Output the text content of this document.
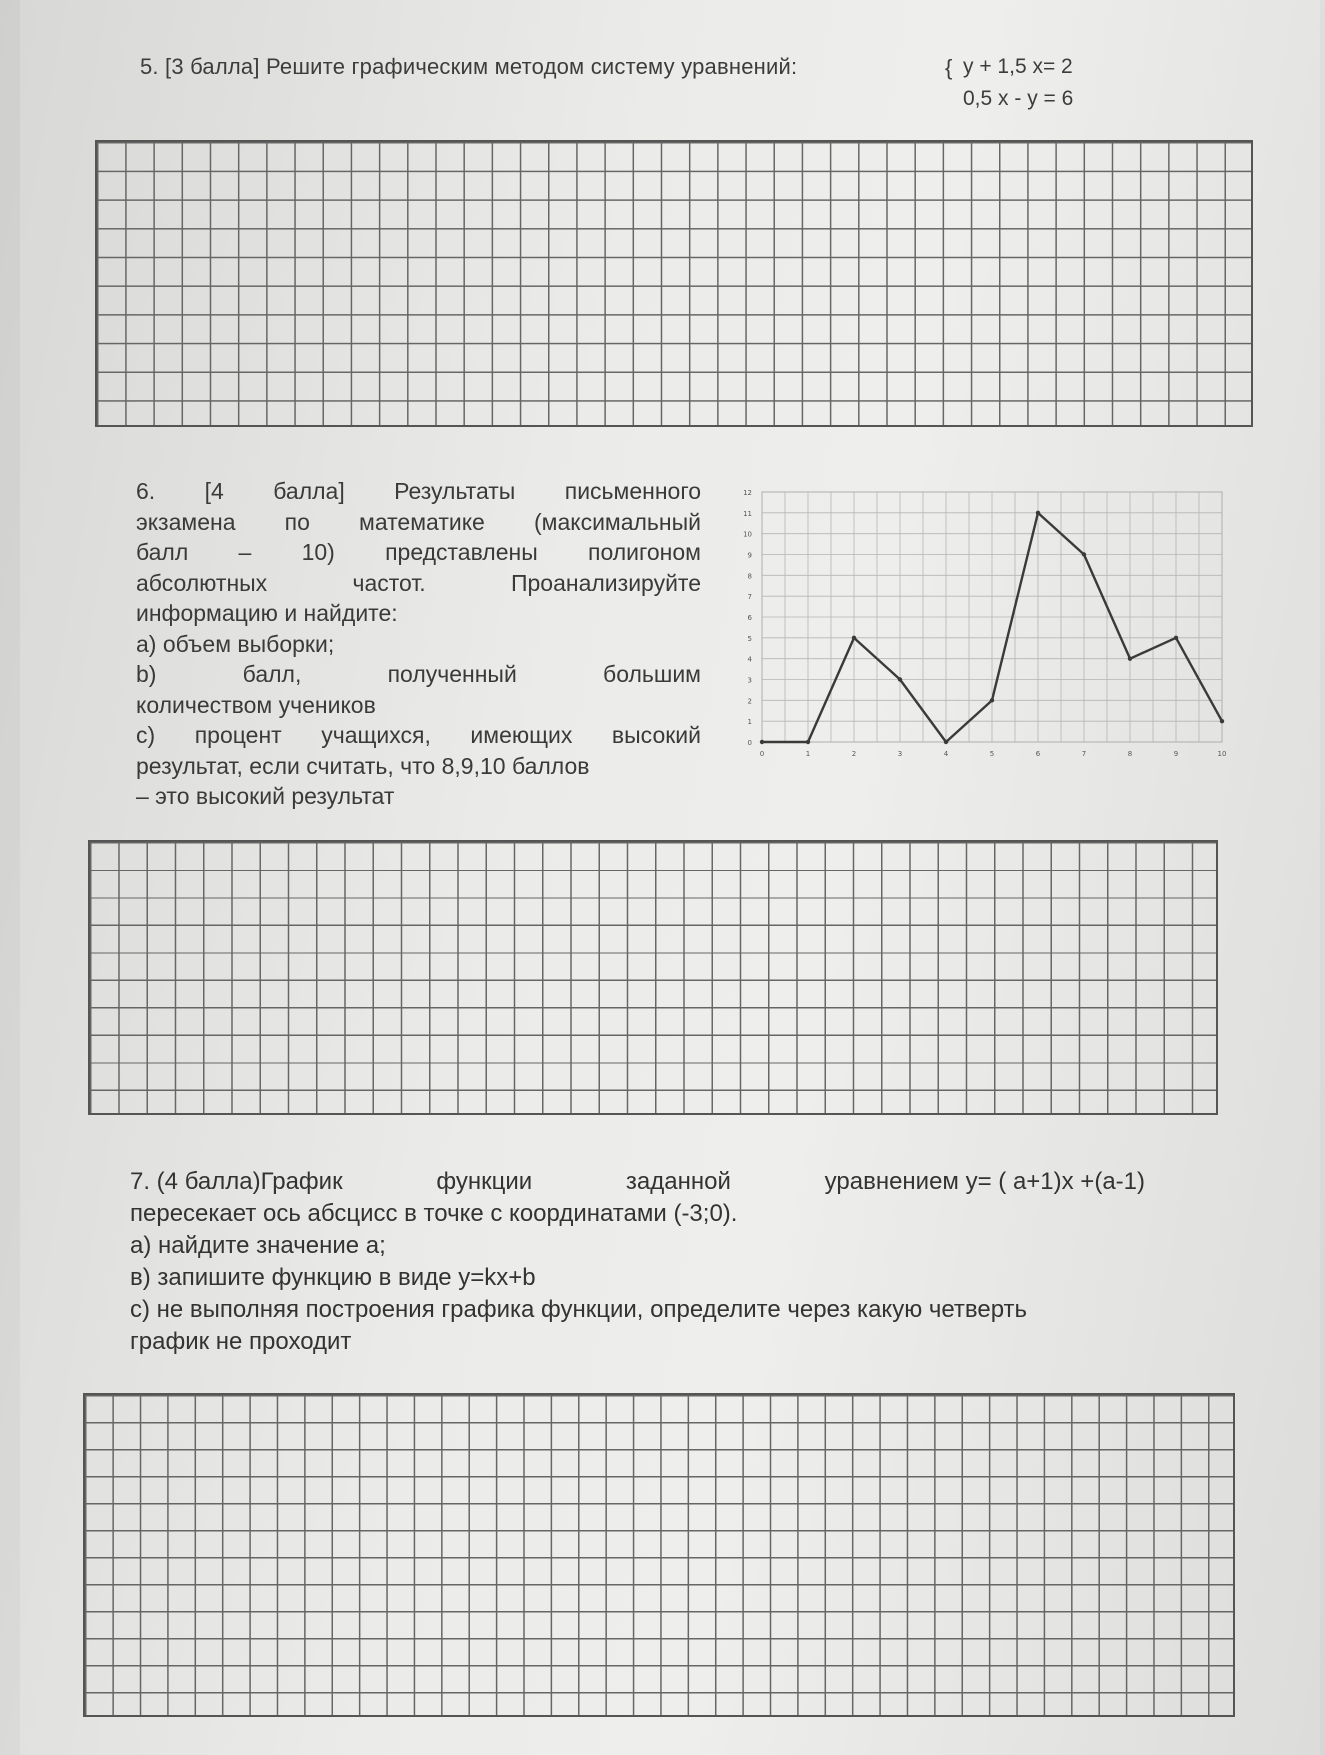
5. [3 балла] Решите графическим методом систему уравнений:	{ y + 1,5 x= 2
0,5 x - y = 6
6. [4 балла] Результаты письменного
экзамена по математике (максимальный
балл – 10) представлены полигоном
абсолютных частот. Проанализируйте
информацию и найдите:
а) объем выборки;
b) балл, полученный большим
количеством учеников
с) процент учащихся, имеющих высокий
результат, если считать, что 8,9,10 баллов
– это высокий результат
0
1
2
3
4
5
6
7
8
9
10
11
12
0	1	2	3	4	5	6	7	8	9	10
7. (4 балла)График	функции	заданной	уравнением y= ( a+1)x +(a-1)
пересекает ось абсцисс в точке с координатами (-3;0).
а) найдите значение а;
в) запишите функцию в виде y=kx+b
с) не выполняя построения графика функции, определите через какую четверть
график не проходит
